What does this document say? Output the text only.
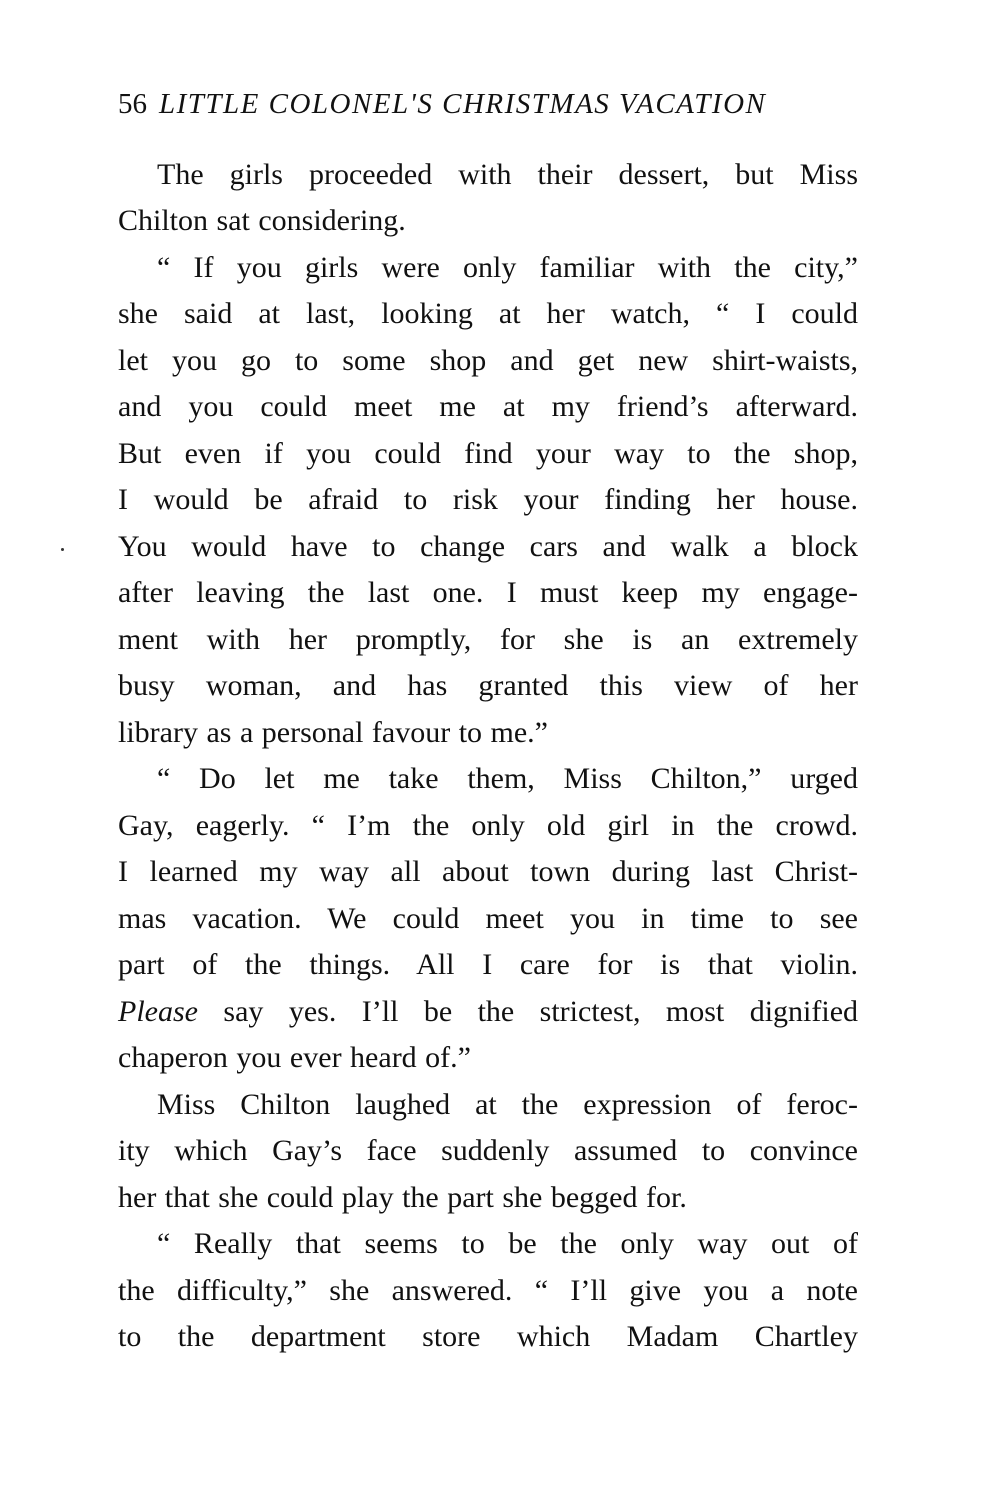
56 LITTLE COLONEL'S CHRISTMAS VACATION
The girls proceeded with their dessert, but Miss
Chilton sat considering.
“ If you girls were only familiar with the city,”
she said at last, looking at her watch, “ I could
let you go to some shop and get new shirt-waists,
and you could meet me at my friend’s afterward.
But even if you could find your way to the shop,
I would be afraid to risk your finding her house.
You would have to change cars and walk a block
after leaving the last one. I must keep my engage-
ment with her promptly, for she is an extremely
busy woman, and has granted this view of her
library as a personal favour to me.”
“ Do let me take them, Miss Chilton,” urged
Gay, eagerly. “ I’m the only old girl in the crowd.
I learned my way all about town during last Christ-
mas vacation. We could meet you in time to see
part of the things. All I care for is that violin.
Please say yes. I’ll be the strictest, most dignified
chaperon you ever heard of.”
Miss Chilton laughed at the expression of feroc-
ity which Gay’s face suddenly assumed to convince
her that she could play the part she begged for.
“ Really that seems to be the only way out of
the difficulty,” she answered. “ I’ll give you a note
to the department store which Madam Chartley
